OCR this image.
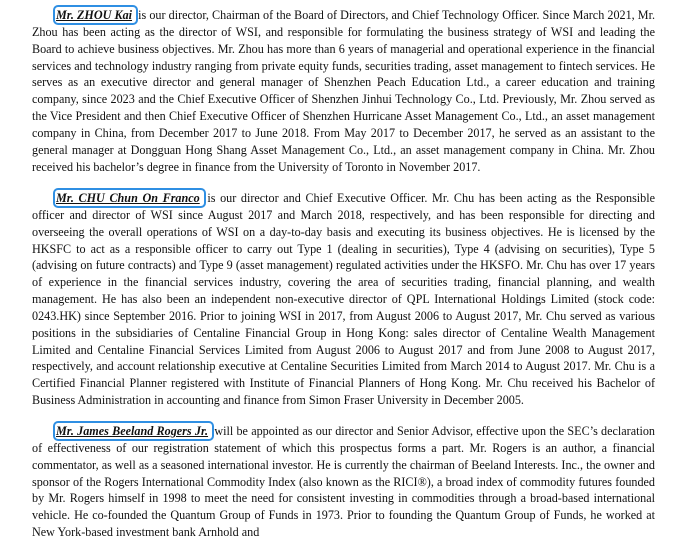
Mr. ZHOU Kai is our director, Chairman of the Board of Directors, and Chief Technology Officer. Since March 2021, Mr. Zhou has been acting as the director of WSI, and responsible for formulating the business strategy of WSI and leading the Board to achieve business objectives. Mr. Zhou has more than 6 years of managerial and operational experience in the financial services and technology industry ranging from private equity funds, securities trading, asset management to fintech services. He serves as an executive director and general manager of Shenzhen Peach Education Ltd., a career education and training company, since 2023 and the Chief Executive Officer of Shenzhen Jinhui Technology Co., Ltd. Previously, Mr. Zhou served as the Vice President and then Chief Executive Officer of Shenzhen Hurricane Asset Management Co., Ltd., an asset management company in China, from December 2017 to June 2018. From May 2017 to December 2017, he served as an assistant to the general manager at Dongguan Hong Shang Asset Management Co., Ltd., an asset management company in China. Mr. Zhou received his bachelor’s degree in finance from the University of Toronto in November 2017.

Mr. CHU Chun On Franco is our director and Chief Executive Officer. Mr. Chu has been acting as the Responsible officer and director of WSI since August 2017 and March 2018, respectively, and has been responsible for directing and overseeing the overall operations of WSI on a day-to-day basis and executing its business objectives. He is licensed by the HKSFC to act as a responsible officer to carry out Type 1 (dealing in securities), Type 4 (advising on securities), Type 5 (advising on future contracts) and Type 9 (asset management) regulated activities under the HKSFO. Mr. Chu has over 17 years of experience in the financial services industry, covering the area of securities trading, financial planning, and wealth management. He has also been an independent non-executive director of QPL International Holdings Limited (stock code: 0243.HK) since September 2016. Prior to joining WSI in 2017, from August 2006 to August 2017, Mr. Chu served as various positions in the subsidiaries of Centaline Financial Group in Hong Kong: sales director of Centaline Wealth Management Limited and Centaline Financial Services Limited from August 2006 to August 2017 and from June 2008 to August 2017, respectively, and account relationship executive at Centaline Securities Limited from March 2014 to August 2017. Mr. Chu is a Certified Financial Planner registered with Institute of Financial Planners of Hong Kong. Mr. Chu received his Bachelor of Business Administration in accounting and finance from Simon Fraser University in December 2005.

Mr. James Beeland Rogers Jr. will be appointed as our director and Senior Advisor, effective upon the SEC’s declaration of effectiveness of our registration statement of which this prospectus forms a part. Mr. Rogers is an author, a financial commentator, as well as a seasoned international investor. He is currently the chairman of Beeland Interests. Inc., the owner and sponsor of the Rogers International Commodity Index (also known as the RICI®), a broad index of commodity futures founded by Mr. Rogers himself in 1998 to meet the need for consistent investing in commodities through a broad-based international vehicle. He co-founded the Quantum Group of Funds in 1973. Prior to founding the Quantum Group of Funds, he worked at New York-based investment bank Arnhold and
